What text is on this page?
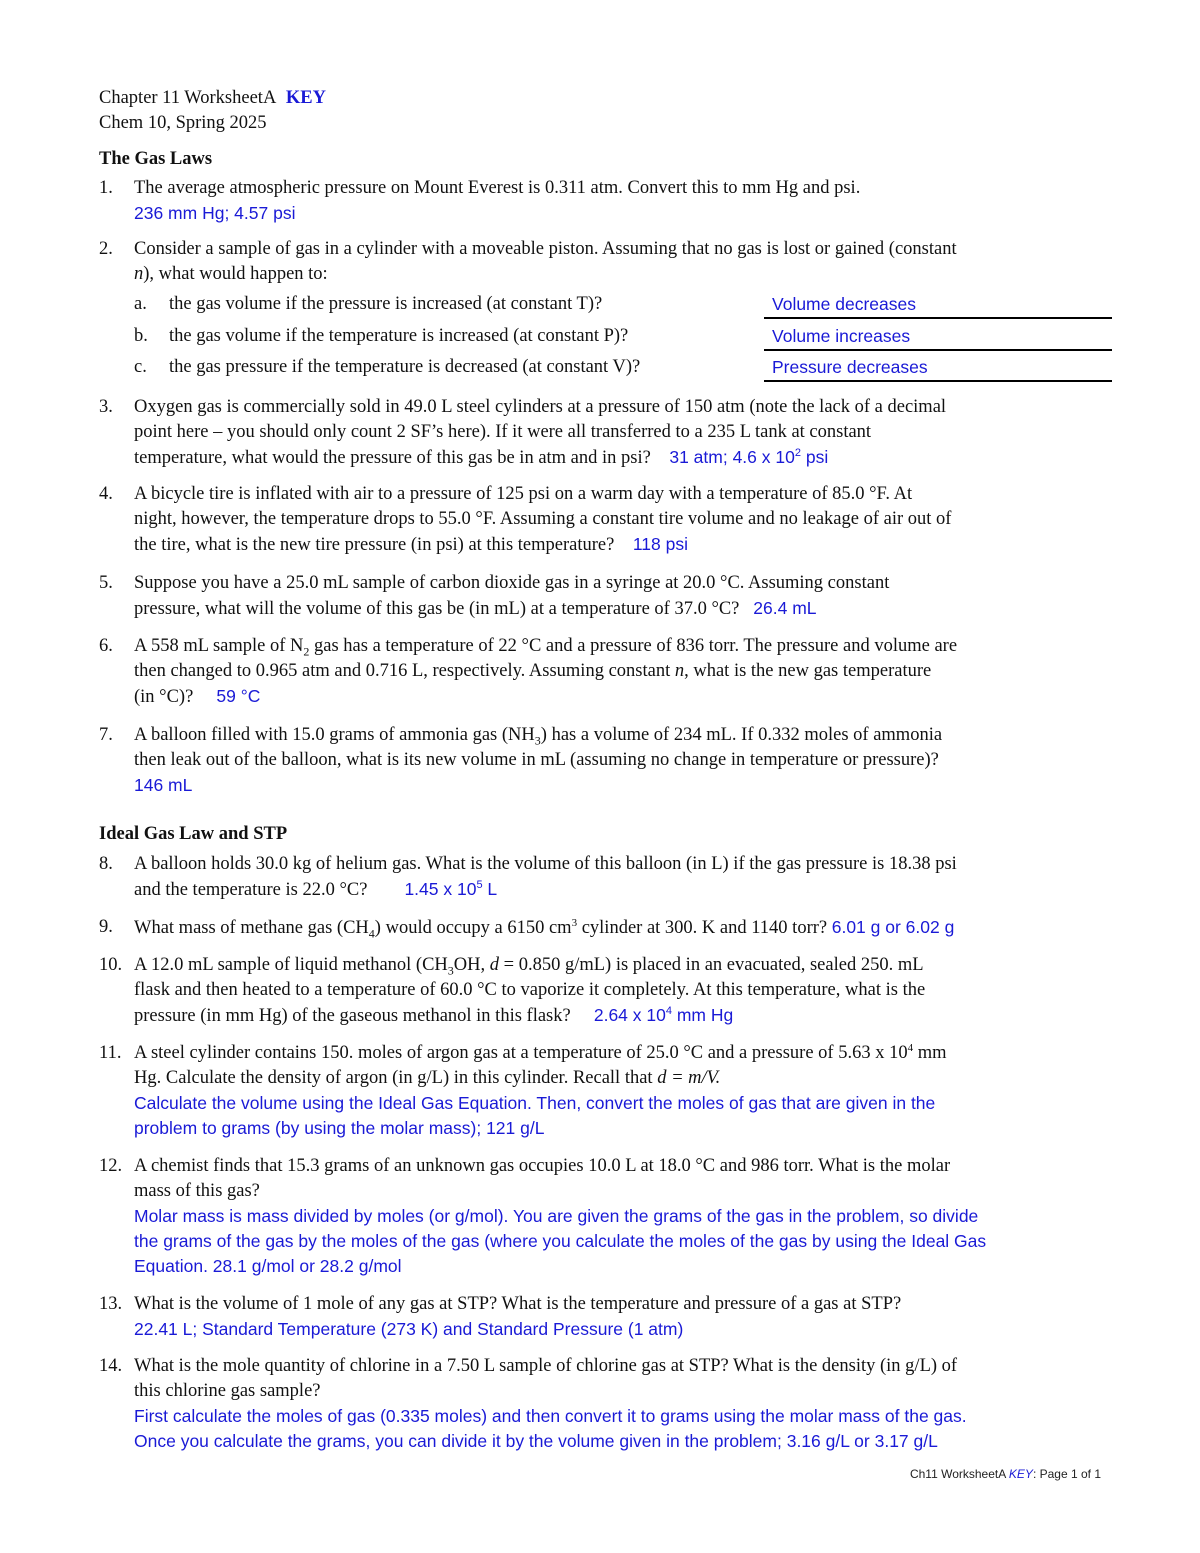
Chapter 11 WorksheetA KEY
Chem 10, Spring 2025
The Gas Laws
1. The average atmospheric pressure on Mount Everest is 0.311 atm. Convert this to mm Hg and psi.
236 mm Hg; 4.57 psi
2. Consider a sample of gas in a cylinder with a moveable piston. Assuming that no gas is lost or gained (constant
n), what would happen to:
a. the gas volume if the pressure is increased (at constant T)?	Volume decreases
b. the gas volume if the temperature is increased (at constant P)?	Volume increases
c. the gas pressure if the temperature is decreased (at constant V)?	Pressure decreases
3. Oxygen gas is commercially sold in 49.0 L steel cylinders at a pressure of 150 atm (note the lack of a decimal
point here – you should only count 2 SF’s here). If it were all transferred to a 235 L tank at constant
temperature, what would the pressure of this gas be in atm and in psi? 31 atm; 4.6 x $10^2$ psi
4. A bicycle tire is inflated with air to a pressure of 125 psi on a warm day with a temperature of 85.0 °F. At
night, however, the temperature drops to 55.0 °F. Assuming a constant tire volume and no leakage of air out of
the tire, what is the new tire pressure (in psi) at this temperature? 118 psi
5. Suppose you have a 25.0 mL sample of carbon dioxide gas in a syringe at 20.0 °C. Assuming constant
pressure, what will the volume of this gas be (in mL) at a temperature of 37.0 °C? 26.4 mL
6. A 558 mL sample of $N_2$ gas has a temperature of 22 °C and a pressure of 836 torr. The pressure and volume are
then changed to 0.965 atm and 0.716 L, respectively. Assuming constant n, what is the new gas temperature
(in °C)? 59 °C
7. A balloon filled with 15.0 grams of ammonia gas $(NH_3)$ has a volume of 234 mL. If 0.332 moles of ammonia
then leak out of the balloon, what is its new volume in mL (assuming no change in temperature or pressure)?
146 mL
Ideal Gas Law and STP
8. A balloon holds 30.0 kg of helium gas. What is the volume of this balloon (in L) if the gas pressure is 18.38 psi
and the temperature is 22.0 °C? 1.45 x $10^5$ L
9. What mass of methane gas $(CH_4)$ would occupy a 6150 $cm^3$ cylinder at 300. K and 1140 torr? 6.01 g or 6.02 g
10. A 12.0 mL sample of liquid methanol ($CH_3OH$, d = 0.850 g/mL) is placed in an evacuated, sealed 250. mL
flask and then heated to a temperature of 60.0 °C to vaporize it completely. At this temperature, what is the
pressure (in mm Hg) of the gaseous methanol in this flask? 2.64 x $10^4$ mm Hg
11. A steel cylinder contains 150. moles of argon gas at a temperature of 25.0 °C and a pressure of 5.63 x $10^4$ mm
Hg. Calculate the density of argon (in g/L) in this cylinder. Recall that d = m/V.
Calculate the volume using the Ideal Gas Equation. Then, convert the moles of gas that are given in the
problem to grams (by using the molar mass); 121 g/L
12. A chemist finds that 15.3 grams of an unknown gas occupies 10.0 L at 18.0 °C and 986 torr. What is the molar
mass of this gas?
Molar mass is mass divided by moles (or g/mol). You are given the grams of the gas in the problem, so divide
the grams of the gas by the moles of the gas (where you calculate the moles of the gas by using the Ideal Gas
Equation. 28.1 g/mol or 28.2 g/mol
13. What is the volume of 1 mole of any gas at STP? What is the temperature and pressure of a gas at STP?
22.41 L; Standard Temperature (273 K) and Standard Pressure (1 atm)
14. What is the mole quantity of chlorine in a 7.50 L sample of chlorine gas at STP? What is the density (in g/L) of
this chlorine gas sample?
First calculate the moles of gas (0.335 moles) and then convert it to grams using the molar mass of the gas.
Once you calculate the grams, you can divide it by the volume given in the problem; 3.16 g/L or 3.17 g/L
Ch11 WorksheetA KEY: Page 1 of 1
